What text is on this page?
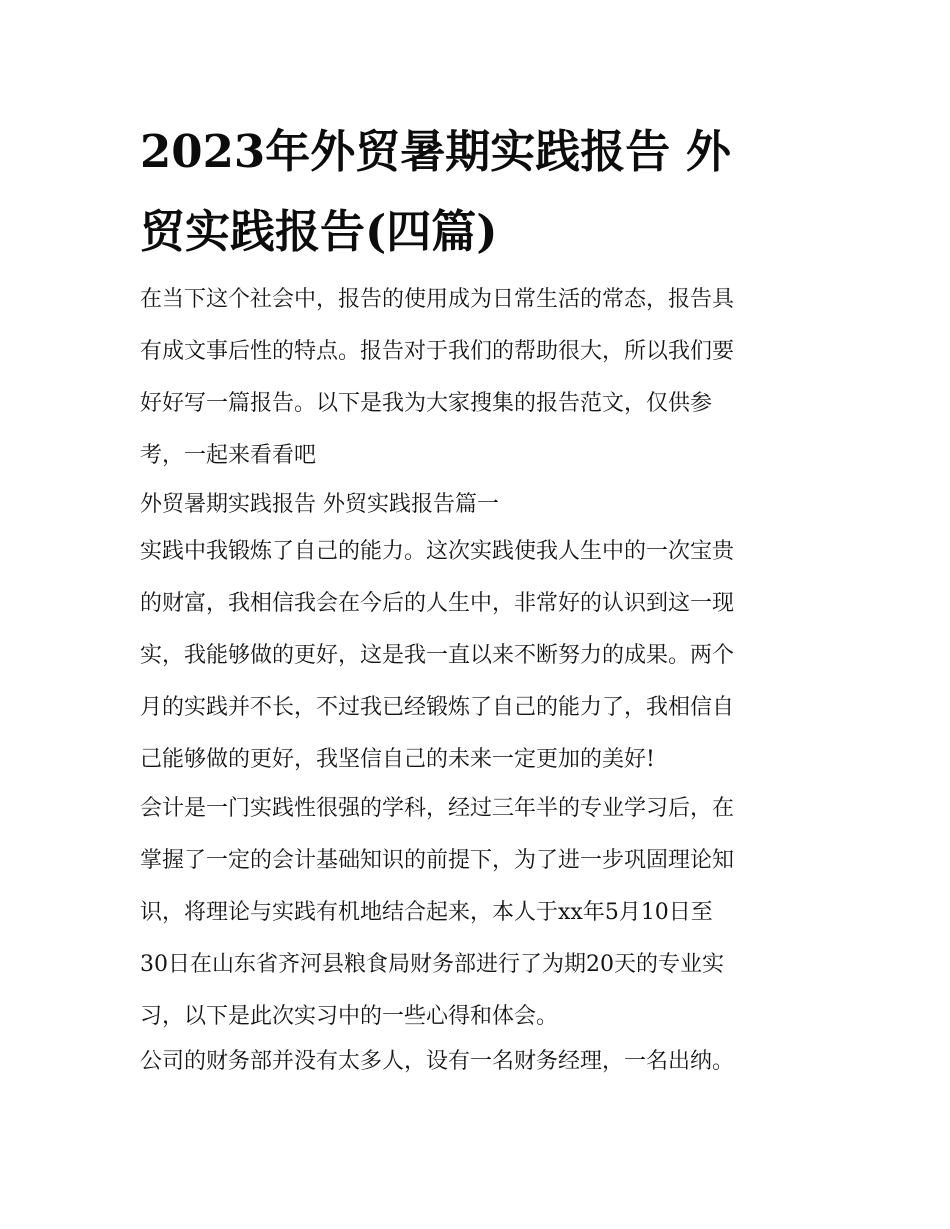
2023年外贸暑期实践报告 外
贸实践报告(四篇)

在当下这个社会中，报告的使用成为日常生活的常态，报告具
有成文事后性的特点。报告对于我们的帮助很大，所以我们要
好好写一篇报告。以下是我为大家搜集的报告范文，仅供参
考，一起来看看吧

外贸暑期实践报告 外贸实践报告篇一

实践中我锻炼了自己的能力。这次实践使我人生中的一次宝贵
的财富，我相信我会在今后的人生中，非常好的认识到这一现
实，我能够做的更好，这是我一直以来不断努力的成果。两个
月的实践并不长，不过我已经锻炼了自己的能力了，我相信自
己能够做的更好，我坚信自己的未来一定更加的美好!

会计是一门实践性很强的学科，经过三年半的专业学习后，在
掌握了一定的会计基础知识的前提下，为了进一步巩固理论知
识，将理论与实践有机地结合起来，本人于xx年5月10日至
30日在山东省齐河县粮食局财务部进行了为期20天的专业实
习，以下是此次实习中的一些心得和体会。

公司的财务部并没有太多人，设有一名财务经理，一名出纳。
